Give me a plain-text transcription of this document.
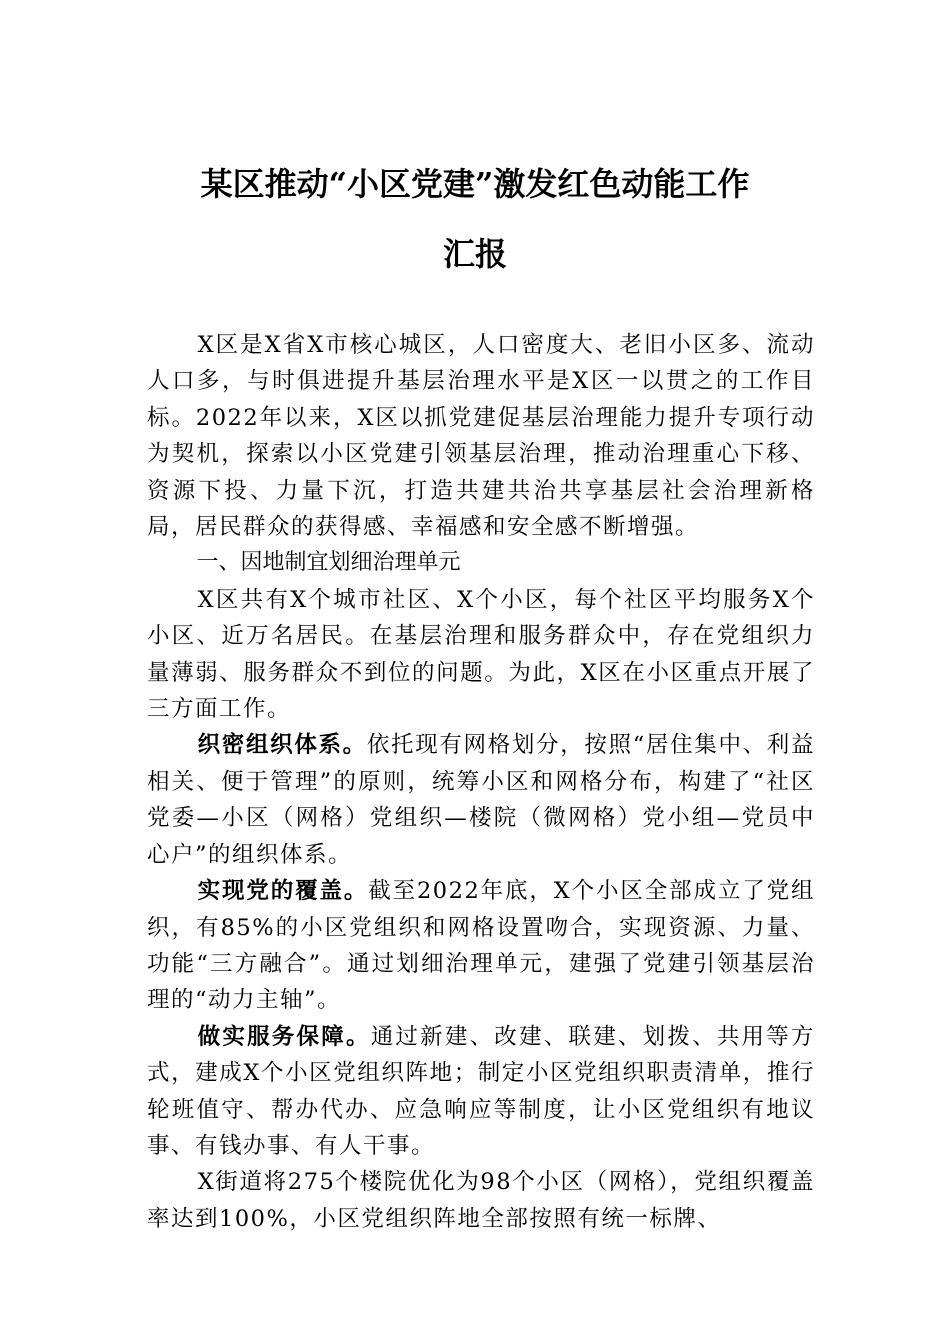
某区推动“小区党建”激发红色动能工作
汇报

X区是X省X市核心城区，人口密度大、老旧小区多、流动人口多，与时俱进提升基层治理水平是X区一以贯之的工作目标。2022年以来，X区以抓党建促基层治理能力提升专项行动为契机，探索以小区党建引领基层治理，推动治理重心下移、资源下投、力量下沉，打造共建共治共享基层社会治理新格局，居民群众的获得感、幸福感和安全感不断增强。

一、因地制宜划细治理单元

X区共有X个城市社区、X个小区，每个社区平均服务X个小区、近万名居民。在基层治理和服务群众中，存在党组织力量薄弱、服务群众不到位的问题。为此，X区在小区重点开展了三方面工作。

织密组织体系。依托现有网格划分，按照“居住集中、利益相关、便于管理”的原则，统筹小区和网格分布，构建了“社区党委—小区（网格）党组织—楼院（微网格）党小组—党员中心户”的组织体系。

实现党的覆盖。截至2022年底，X个小区全部成立了党组织，有85%的小区党组织和网格设置吻合，实现资源、力量、功能“三方融合”。通过划细治理单元，建强了党建引领基层治理的“动力主轴”。

做实服务保障。通过新建、改建、联建、划拨、共用等方式，建成X个小区党组织阵地；制定小区党组织职责清单，推行轮班值守、帮办代办、应急响应等制度，让小区党组织有地议事、有钱办事、有人干事。

X街道将275个楼院优化为98个小区（网格），党组织覆盖率达到100%，小区党组织阵地全部按照有统一标牌、
